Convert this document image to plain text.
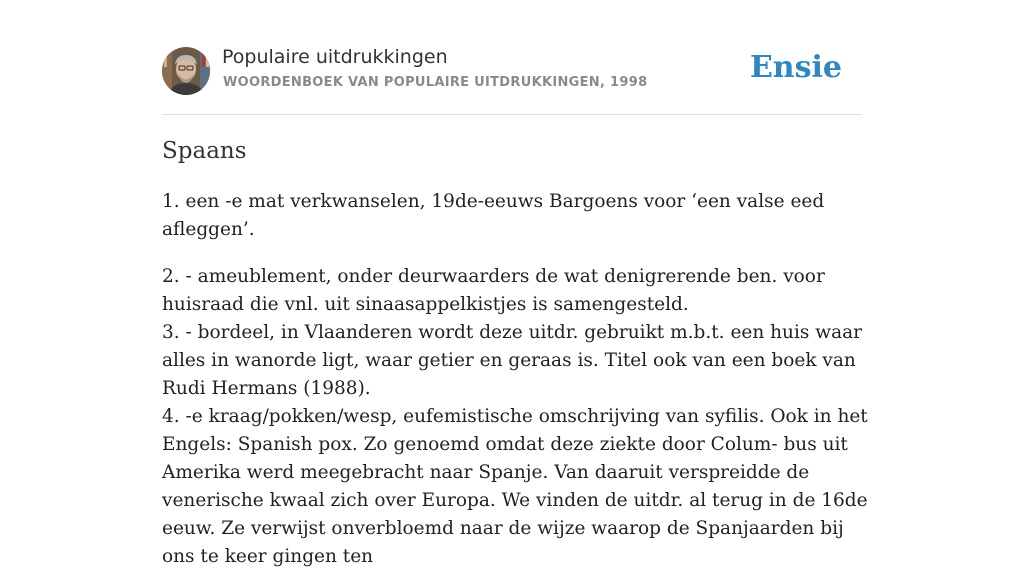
Populaire uitdrukkingen
WOORDENBOEK VAN POPULAIRE UITDRUKKINGEN, 1998	Ensie
Spaans

1. een -e mat verkwanselen, 19de-eeuws Bargoens voor ‘een valse eed afleggen’.

2. - ameublement, onder deurwaarders de wat denigrerende ben. voor huisraad die vnl. uit sinaasappelkistjes is samengesteld.

3. - bordeel, in Vlaanderen wordt deze uitdr. gebruikt m.b.t. een huis waar alles in wanorde ligt, waar getier en geraas is. Titel ook van een boek van Rudi Hermans (1988).

4. -e kraag/pokken/wesp, eufemistische omschrijving van syfilis. Ook in het Engels: Spanish pox. Zo genoemd omdat deze ziekte door Colum- bus uit Amerika werd meegebracht naar Spanje. Van daaruit verspreidde de venerische kwaal zich over Europa. We vinden de uitdr. al terug in de 16de eeuw. Ze verwijst onverbloemd naar de wijze waarop de Spanjaarden bij ons te keer gingen ten
